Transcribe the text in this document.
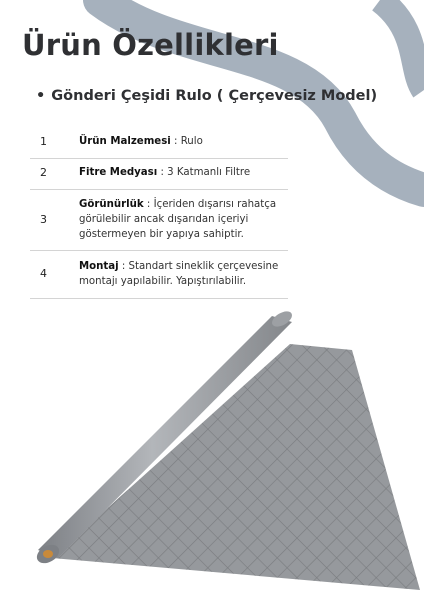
Ürün Özellikleri
• Gönderi Çeşidi Rulo ( Çerçevesiz Model)
1	Ürün Malzemesi : Rulo
2	Fitre Medyası : 3 Katmanlı Filtre
3
Görünürlük : İçeriden dışarısı rahatça görülebilir ancak dışarıdan içeriyi göstermeyen bir yapıya sahiptir.
4
Montaj : Standart sineklik çerçevesine montajı yapılabilir. Yapıştırılabilir.
